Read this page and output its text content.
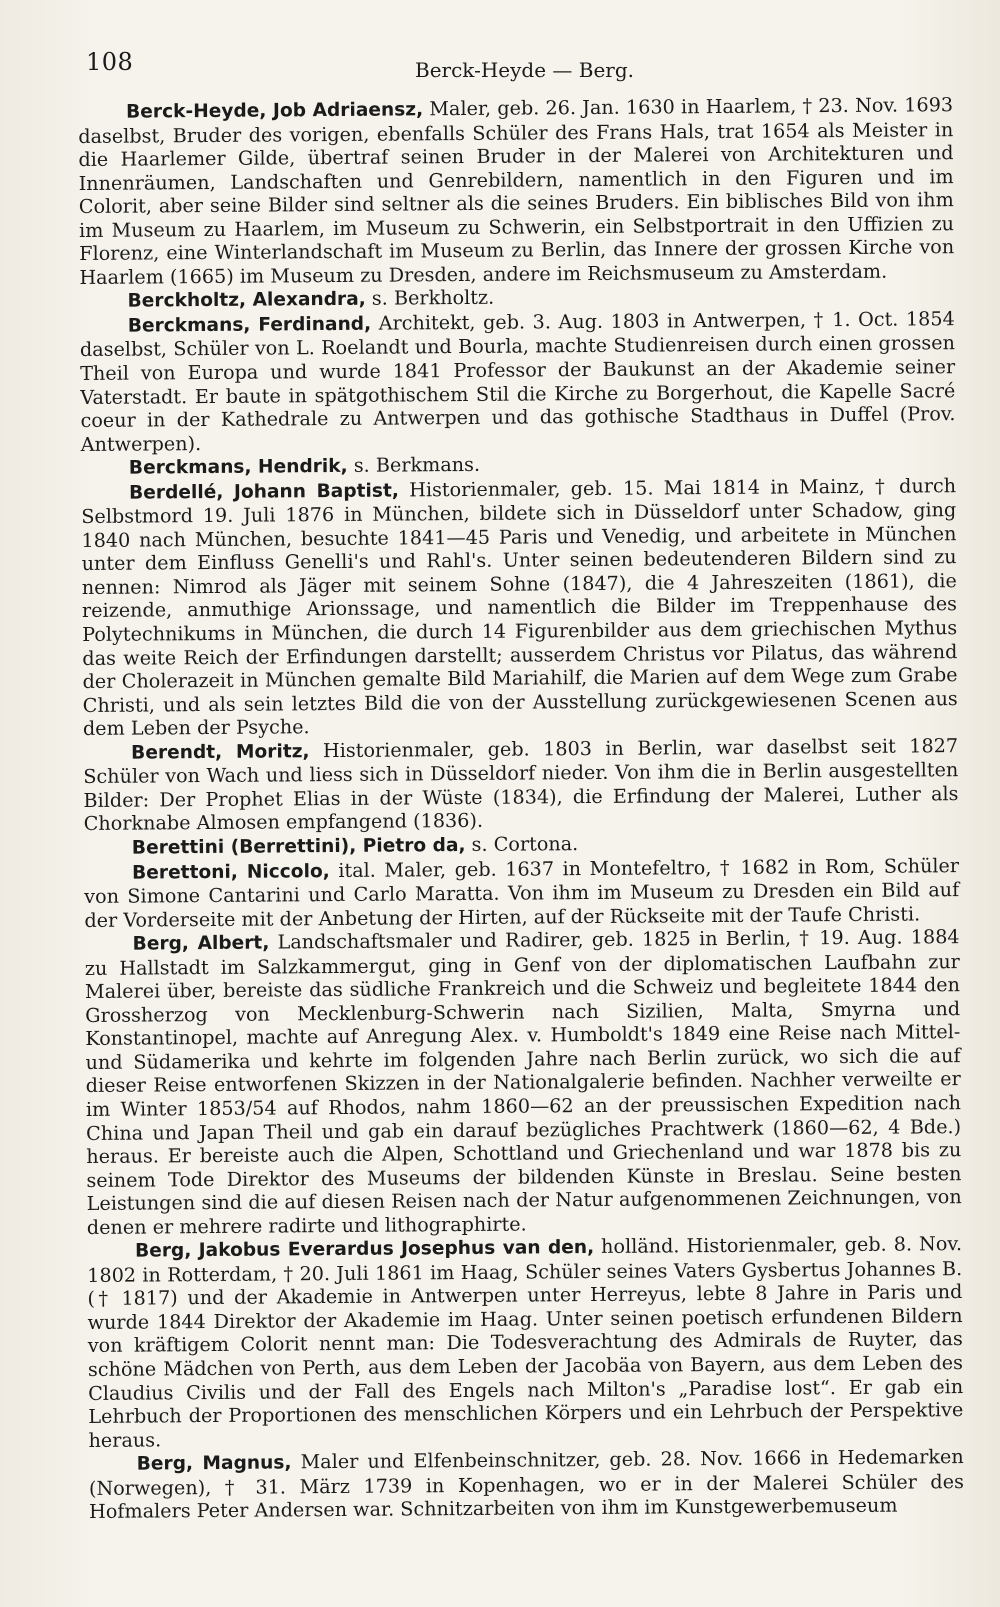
108	Berck-Heyde — Berg.

Berck-Heyde, Job Adriaensz, Maler, geb. 26. Jan. 1630 in Haarlem, † 23. Nov. 1693 daselbst, Bruder des vorigen, ebenfalls Schüler des Frans Hals, trat 1654 als Meister in die Haarlemer Gilde, übertraf seinen Bruder in der Malerei von Architekturen und Innenräumen, Landschaften und Genrebildern, namentlich in den Figuren und im Colorit, aber seine Bilder sind seltner als die seines Bruders. Ein biblisches Bild von ihm im Museum zu Haarlem, im Museum zu Schwerin, ein Selbstportrait in den Uffizien zu Florenz, eine Winterlandschaft im Museum zu Berlin, das Innere der grossen Kirche von Haarlem (1665) im Museum zu Dresden, andere im Reichsmuseum zu Amsterdam.

Berckholtz, Alexandra, s. Berkholtz.

Berckmans, Ferdinand, Architekt, geb. 3. Aug. 1803 in Antwerpen, † 1. Oct. 1854 daselbst, Schüler von L. Roelandt und Bourla, machte Studienreisen durch einen grossen Theil von Europa und wurde 1841 Professor der Baukunst an der Akademie seiner Vaterstadt. Er baute in spätgothischem Stil die Kirche zu Borgerhout, die Kapelle Sacré coeur in der Kathedrale zu Antwerpen und das gothische Stadthaus in Duffel (Prov. Antwerpen).

Berckmans, Hendrik, s. Berkmans.

Berdellé, Johann Baptist, Historienmaler, geb. 15. Mai 1814 in Mainz, † durch Selbstmord 19. Juli 1876 in München, bildete sich in Düsseldorf unter Schadow, ging 1840 nach München, besuchte 1841—45 Paris und Venedig, und arbeitete in München unter dem Einfluss Genelli's und Rahl's. Unter seinen bedeutenderen Bildern sind zu nennen: Nimrod als Jäger mit seinem Sohne (1847), die 4 Jahreszeiten (1861), die reizende, anmuthige Arionssage, und namentlich die Bilder im Treppenhause des Polytechnikums in München, die durch 14 Figurenbilder aus dem griechischen Mythus das weite Reich der Erfindungen darstellt; ausserdem Christus vor Pilatus, das während der Cholerazeit in München gemalte Bild Mariahilf, die Marien auf dem Wege zum Grabe Christi, und als sein letztes Bild die von der Ausstellung zurückgewiesenen Scenen aus dem Leben der Psyche.

Berendt, Moritz, Historienmaler, geb. 1803 in Berlin, war daselbst seit 1827 Schüler von Wach und liess sich in Düsseldorf nieder. Von ihm die in Berlin ausgestellten Bilder: Der Prophet Elias in der Wüste (1834), die Erfindung der Malerei, Luther als Chorknabe Almosen empfangend (1836).

Berettini (Berrettini), Pietro da, s. Cortona.

Berettoni, Niccolo, ital. Maler, geb. 1637 in Montefeltro, † 1682 in Rom, Schüler von Simone Cantarini und Carlo Maratta. Von ihm im Museum zu Dresden ein Bild auf der Vorderseite mit der Anbetung der Hirten, auf der Rückseite mit der Taufe Christi.

Berg, Albert, Landschaftsmaler und Radirer, geb. 1825 in Berlin, † 19. Aug. 1884 zu Hallstadt im Salzkammergut, ging in Genf von der diplomatischen Laufbahn zur Malerei über, bereiste das südliche Frankreich und die Schweiz und begleitete 1844 den Grossherzog von Mecklenburg-Schwerin nach Sizilien, Malta, Smyrna und Konstantinopel, machte auf Anregung Alex. v. Humboldt's 1849 eine Reise nach Mittel- und Südamerika und kehrte im folgenden Jahre nach Berlin zurück, wo sich die auf dieser Reise entworfenen Skizzen in der Nationalgalerie befinden. Nachher verweilte er im Winter 1853/54 auf Rhodos, nahm 1860—62 an der preussischen Expedition nach China und Japan Theil und gab ein darauf bezügliches Prachtwerk (1860—62, 4 Bde.) heraus. Er bereiste auch die Alpen, Schottland und Griechenland und war 1878 bis zu seinem Tode Direktor des Museums der bildenden Künste in Breslau. Seine besten Leistungen sind die auf diesen Reisen nach der Natur aufgenommenen Zeichnungen, von denen er mehrere radirte und lithographirte.

Berg, Jakobus Everardus Josephus van den, holländ. Historienmaler, geb. 8. Nov. 1802 in Rotterdam, † 20. Juli 1861 im Haag, Schüler seines Vaters Gysbertus Johannes B. († 1817) und der Akademie in Antwerpen unter Herreyus, lebte 8 Jahre in Paris und wurde 1844 Direktor der Akademie im Haag. Unter seinen poetisch erfundenen Bildern von kräftigem Colorit nennt man: Die Todesverachtung des Admirals de Ruyter, das schöne Mädchen von Perth, aus dem Leben der Jacobäa von Bayern, aus dem Leben des Claudius Civilis und der Fall des Engels nach Milton's „Paradise lost“. Er gab ein Lehrbuch der Proportionen des menschlichen Körpers und ein Lehrbuch der Perspektive heraus.

Berg, Magnus, Maler und Elfenbeinschnitzer, geb. 28. Nov. 1666 in Hedemarken (Norwegen), † 31. März 1739 in Kopenhagen, wo er in der Malerei Schüler des Hofmalers Peter Andersen war. Schnitzarbeiten von ihm im Kunstgewerbemuseum
